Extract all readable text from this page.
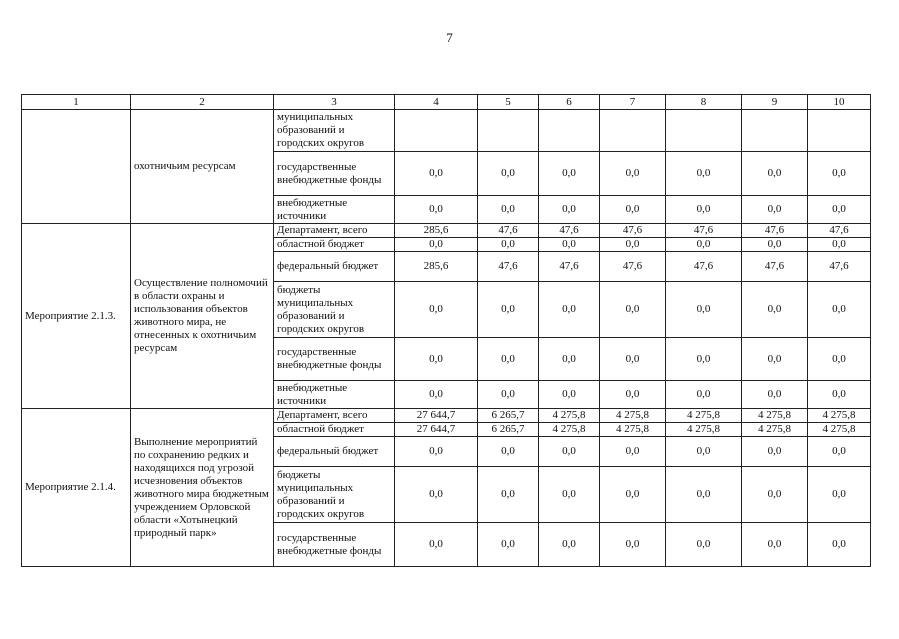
7
1	2	3	4	5	6	7	8	9	10
	охотничьим ресурсам	муниципальных образований и городских округов							
		государственные внебюджетные фонды	0,0	0,0	0,0	0,0	0,0	0,0	0,0
		внебюджетные источники	0,0	0,0	0,0	0,0	0,0	0,0	0,0
Мероприятие 2.1.3.	Осуществление полномочий в области охраны и использования объектов животного мира, не отнесенных к охотничьим ресурсам	Департамент, всего	285,6	47,6	47,6	47,6	47,6	47,6	47,6
		областной бюджет	0,0	0,0	0,0	0,0	0,0	0,0	0,0
		федеральный бюджет	285,6	47,6	47,6	47,6	47,6	47,6	47,6
		бюджеты муниципальных образований и городских округов	0,0	0,0	0,0	0,0	0,0	0,0	0,0
		государственные внебюджетные фонды	0,0	0,0	0,0	0,0	0,0	0,0	0,0
		внебюджетные источники	0,0	0,0	0,0	0,0	0,0	0,0	0,0
Мероприятие 2.1.4.	Выполнение мероприятий по сохранению редких и находящихся под угрозой исчезновения объектов животного мира бюджетным учреждением Орловской области «Хотынецкий природный парк»	Департамент, всего	27 644,7	6 265,7	4 275,8	4 275,8	4 275,8	4 275,8	4 275,8
		областной бюджет	27 644,7	6 265,7	4 275,8	4 275,8	4 275,8	4 275,8	4 275,8
		федеральный бюджет	0,0	0,0	0,0	0,0	0,0	0,0	0,0
		бюджеты муниципальных образований и городских округов	0,0	0,0	0,0	0,0	0,0	0,0	0,0
		государственные внебюджетные фонды	0,0	0,0	0,0	0,0	0,0	0,0	0,0
